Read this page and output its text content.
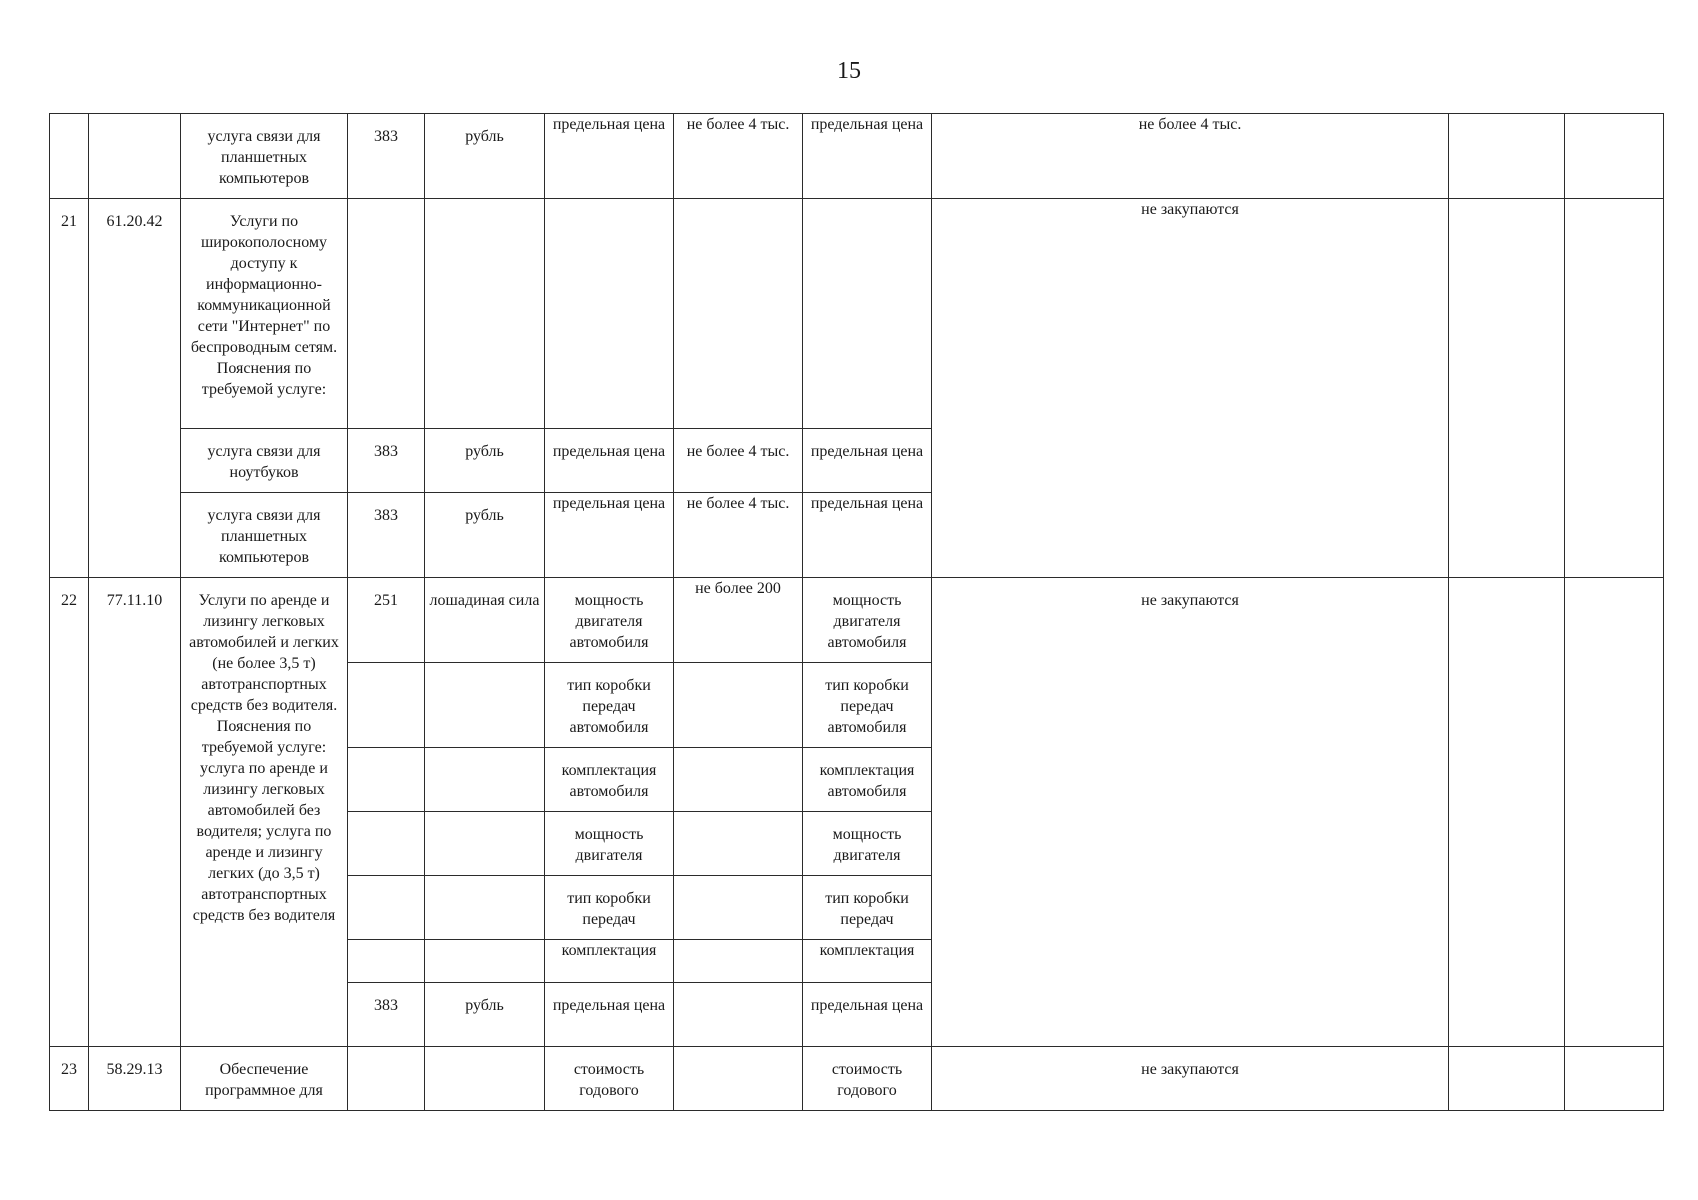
15
		услуга связи для планшетных компьютеров	383	рубль	предельная цена	не более 4 тыс.	предельная цена	не более 4 тыс.		
21	61.20.42	Услуги по широкополосному доступу к информационно-коммуникационной сети "Интернет" по беспроводным сетям. Пояснения по требуемой услуге:						не закупаются		
		услуга связи для ноутбуков	383	рубль	предельная цена	не более 4 тыс.	предельная цена			
		услуга связи для планшетных компьютеров	383	рубль	предельная цена	не более 4 тыс.	предельная цена			
22	77.11.10	Услуги по аренде и лизингу легковых автомобилей и легких (не более 3,5 т) автотранспортных средств без водителя. Пояснения по требуемой услуге: услуга по аренде и лизингу легковых автомобилей без водителя; услуга по аренде и лизингу легких (до 3,5 т) автотранспортных средств без водителя	251	лошадиная сила	мощность двигателя автомобиля	не более 200	мощность двигателя автомобиля	не закупаются		
					тип коробки передач автомобиля		тип коробки передач автомобиля			
					комплектация автомобиля		комплектация автомобиля			
					мощность двигателя		мощность двигателя			
					тип коробки передач		тип коробки передач			
					комплектация		комплектация			
			383	рубль	предельная цена		предельная цена			
23	58.29.13	Обеспечение программное для			стоимость годового		стоимость годового	не закупаются		
